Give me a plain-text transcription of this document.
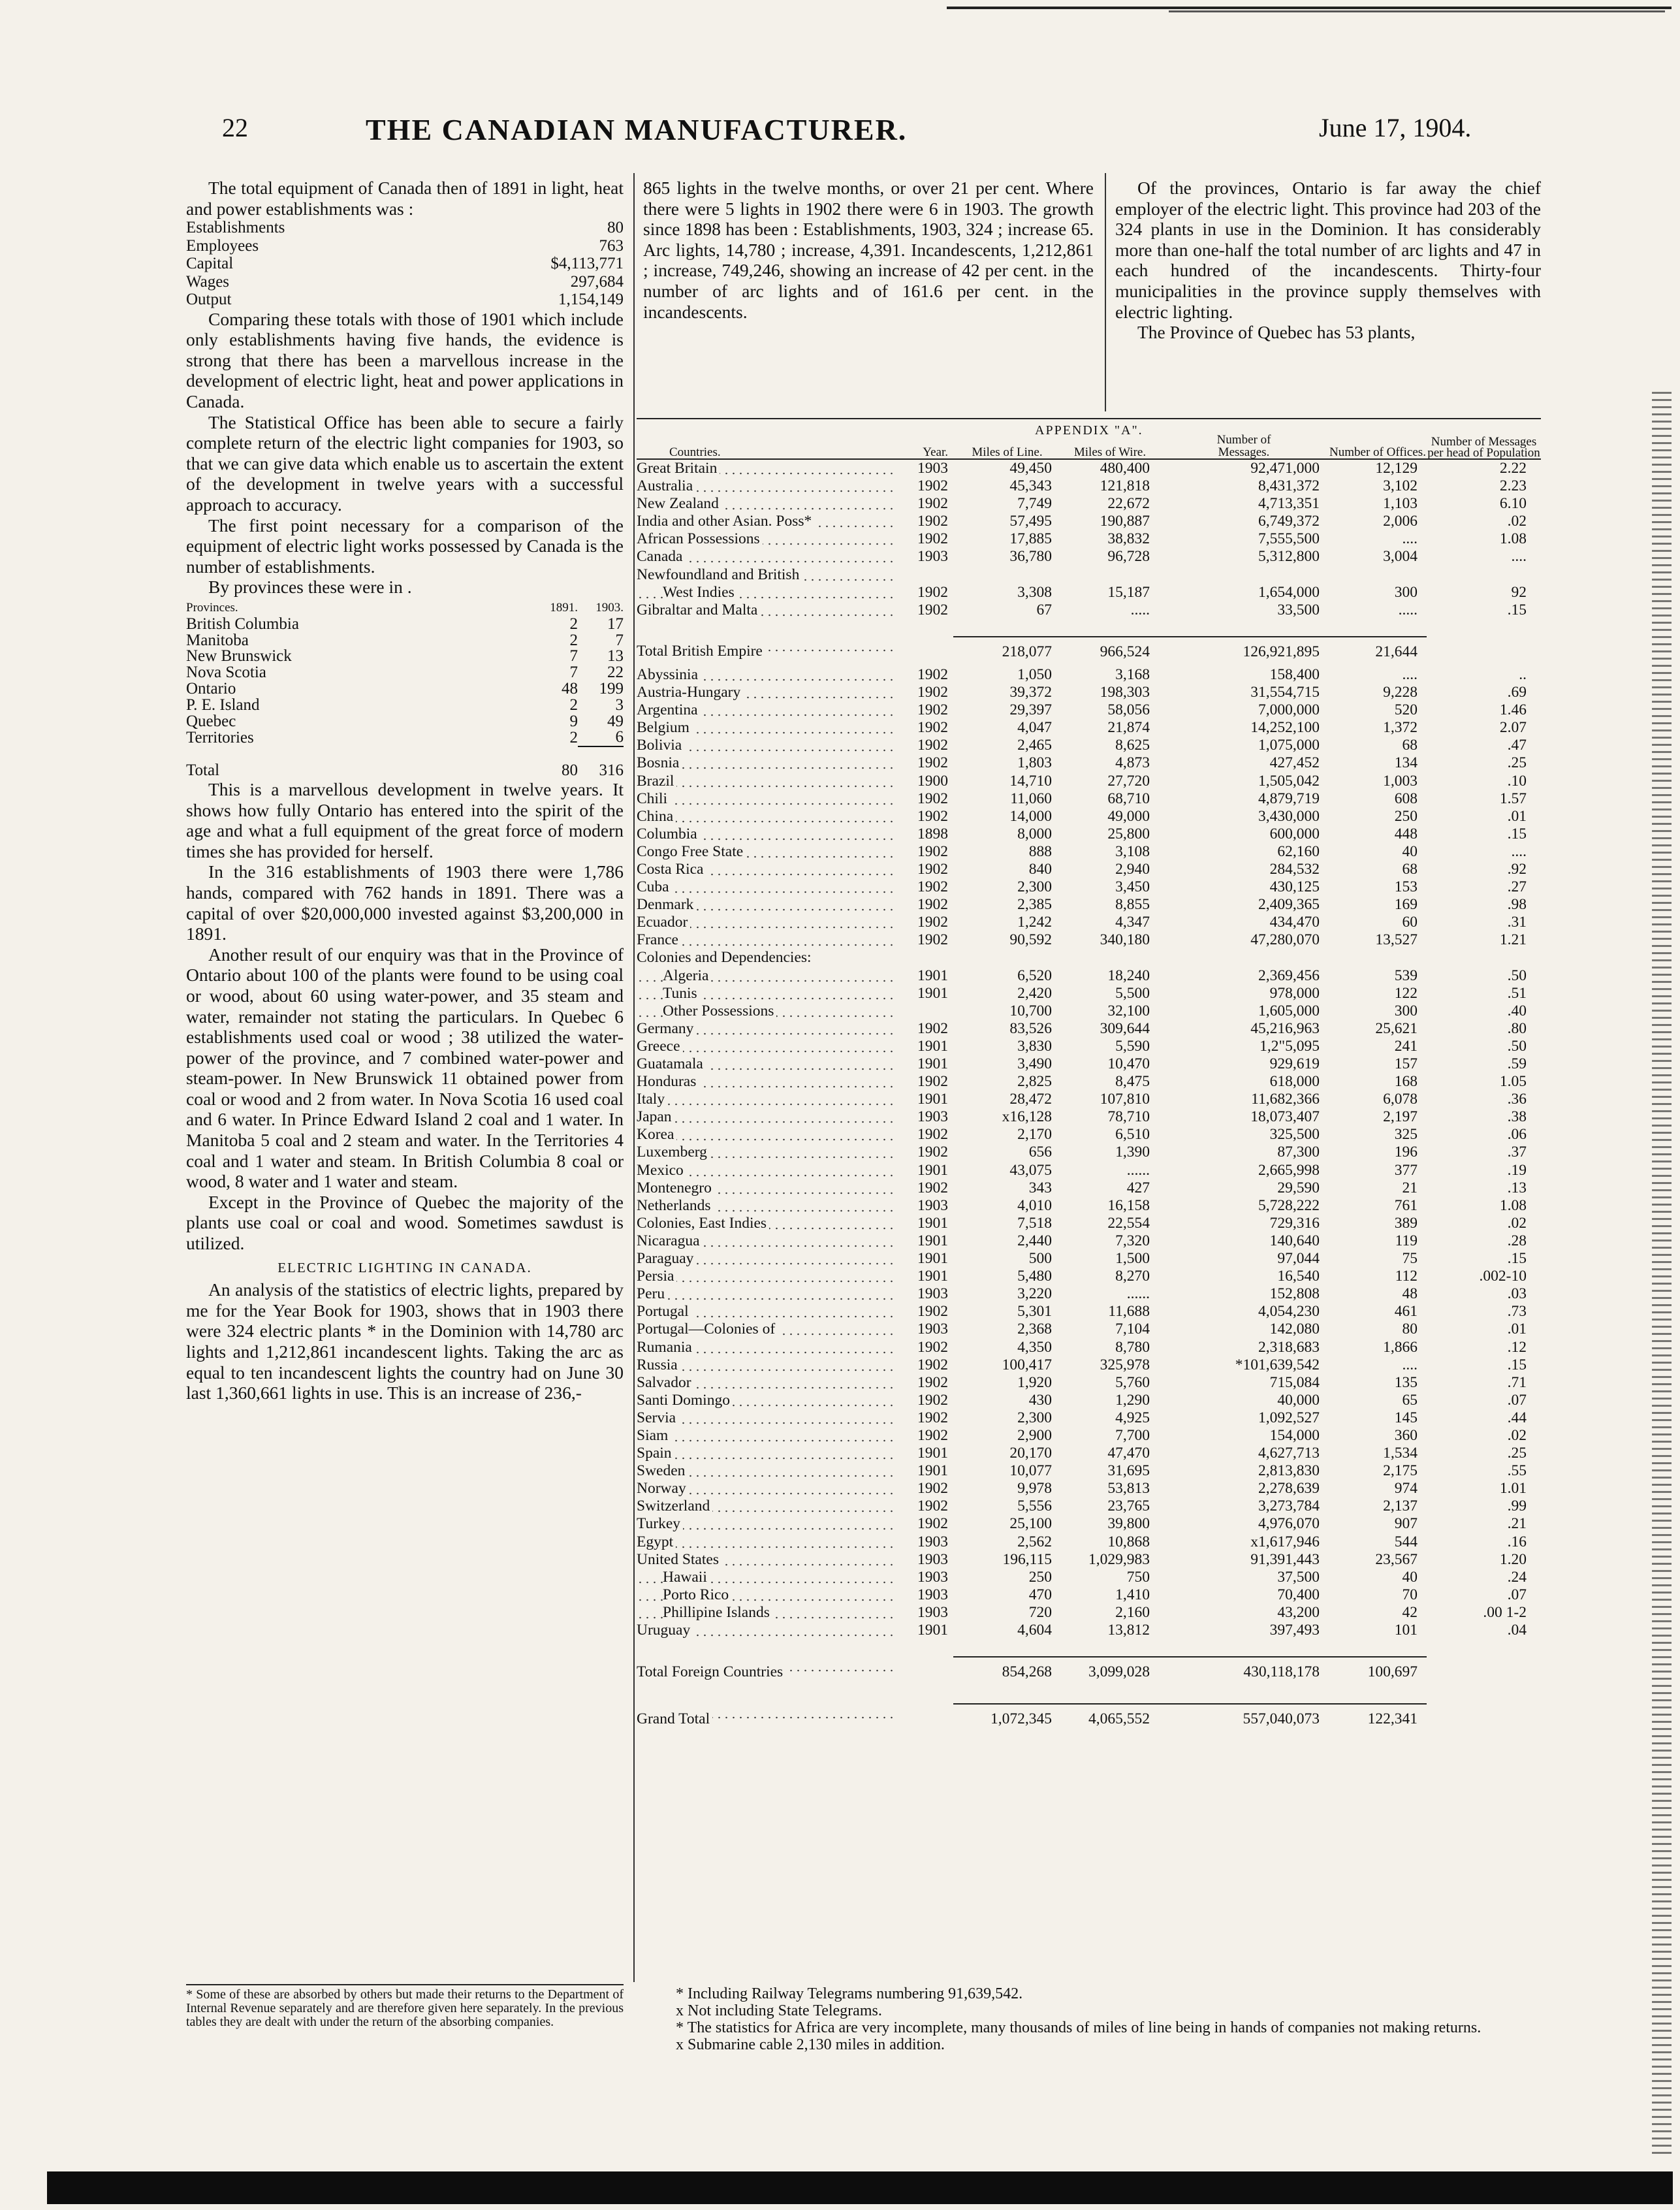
22	THE CANADIAN MANUFACTURER.	June 17, 1904.

The total equipment of Canada then of 1891 in light, heat and power establishments was :

Establishments	80
Employees	763
Capital	$4,113,771
Wages	297,684
Output	1,154,149

Comparing these totals with those of 1901 which include only establishments having five hands, the evidence is strong that there has been a marvellous increase in the development of electric light, heat and power applications in Canada.

The Statistical Office has been able to secure a fairly complete return of the electric light companies for 1903, so that we can give data which enable us to ascertain the extent of the development in twelve years with a successful approach to accuracy.

The first point necessary for a comparison of the equipment of electric light works possessed by Canada is the number of establishments.

By provinces these were in .

Provinces.	1891.	1903.
British Columbia	2	17
Manitoba	2	7
New Brunswick	7	13
Nova Scotia	7	22
Ontario	48	199
P. E. Island	2	3
Quebec	9	49
Territories	2	6
Total	80	316

This is a marvellous development in twelve years. It shows how fully Ontario has entered into the spirit of the age and what a full equipment of the great force of modern times she has provided for herself.

In the 316 establishments of 1903 there were 1,786 hands, compared with 762 hands in 1891. There was a capital of over $20,000,000 invested against $3,200,000 in 1891.

Another result of our enquiry was that in the Province of Ontario about 100 of the plants were found to be using coal or wood, about 60 using water-power, and 35 steam and water, remainder not stating the particulars. In Quebec 6 establishments used coal or wood ; 38 utilized the water-power of the province, and 7 combined water-power and steam-power. In New Brunswick 11 obtained power from coal or wood and 2 from water. In Nova Scotia 16 used coal and 6 water. In Prince Edward Island 2 coal and 1 water. In Manitoba 5 coal and 2 steam and water. In the Territories 4 coal and 1 water and steam. In British Columbia 8 coal or wood, 8 water and 1 water and steam.

Except in the Province of Quebec the majority of the plants use coal or coal and wood. Sometimes sawdust is utilized.

ELECTRIC LIGHTING IN CANADA.

An analysis of the statistics of electric lights, prepared by me for the Year Book for 1903, shows that in 1903 there were 324 electric plants * in the Dominion with 14,780 arc lights and 1,212,861 incandescent lights. Taking the arc as equal to ten incandescent lights the country had on June 30 last 1,360,661 lights in use. This is an increase of 236,-

* Some of these are absorbed by others but made their returns to the Department of Internal Revenue separately and are therefore given here separately. In the previous tables they are dealt with under the return of the absorbing companies.

865 lights in the twelve months, or over 21 per cent. Where there were 5 lights in 1902 there were 6 in 1903. The growth since 1898 has been : Establishments, 1903, 324 ; increase 65. Arc lights, 14,780 ; increase, 4,391. Incandescents, 1,212,861 ; increase, 749,246, showing an increase of 42 per cent. in the number of arc lights and of 161.6 per cent. in the incandescents.

Of the provinces, Ontario is far away the chief employer of the electric light. This province had 203 of the 324 plants in use in the Dominion. It has considerably more than one-half the total number of arc lights and 47 in each hundred of the incandescents. Thirty-four municipalities in the province supply themselves with electric lighting.

The Province of Quebec has 53 plants,

APPENDIX "A".
Countries.	Year.	Miles of Line.	Miles of Wire.	Number of Messages.	Number of Offices.	Number of Messages per head of Population

Great Britain	1903	49,450	480,400	92,471,000	12,129	2.22
Australia	1902	45,343	121,818	8,431,372	3,102	2.23
New Zealand	1902	7,749	22,672	4,713,351	1,103	6.10
India and other Asian. Poss*	1902	57,495	190,887	6,749,372	2,006	.02
African Possessions	1902	17,885	38,832	7,555,500	....	1.08
Canada	1903	36,780	96,728	5,312,800	3,004	....
Newfoundland and British						
West Indies	1902	3,308	15,187	1,654,000	300	92
Gibraltar and Malta	1902	67	.....	33,500	.....	.15

Total British Empire		218,077	966,524	126,921,895	21,644	
Abyssinia	1902	1,050	3,168	158,400	....	..
Austria-Hungary	1902	39,372	198,303	31,554,715	9,228	.69
Argentina	1902	29,397	58,056	7,000,000	520	1.46
Belgium	1902	4,047	21,874	14,252,100	1,372	2.07
Bolivia	1902	2,465	8,625	1,075,000	68	.47
Bosnia	1902	1,803	4,873	427,452	134	.25
Brazil	1900	14,710	27,720	1,505,042	1,003	.10
Chili	1902	11,060	68,710	4,879,719	608	1.57
China	1902	14,000	49,000	3,430,000	250	.01
Columbia	1898	8,000	25,800	600,000	448	.15
Congo Free State	1902	888	3,108	62,160	40	....
Costa Rica	1902	840	2,940	284,532	68	.92
Cuba	1902	2,300	3,450	430,125	153	.27
Denmark	1902	2,385	8,855	2,409,365	169	.98
Ecuador	1902	1,242	4,347	434,470	60	.31
France	1902	90,592	340,180	47,280,070	13,527	1.21
Colonies and Dependencies:						
Algeria	1901	6,520	18,240	2,369,456	539	.50
Tunis	1901	2,420	5,500	978,000	122	.51
Other Possessions		10,700	32,100	1,605,000	300	.40
Germany	1902	83,526	309,644	45,216,963	25,621	.80
Greece	1901	3,830	5,590	1,2"5,095	241	.50
Guatamala	1901	3,490	10,470	929,619	157	.59
Honduras	1902	2,825	8,475	618,000	168	1.05
Italy	1901	28,472	107,810	11,682,366	6,078	.36
Japan	1903	x16,128	78,710	18,073,407	2,197	.38
Korea	1902	2,170	6,510	325,500	325	.06
Luxemberg	1902	656	1,390	87,300	196	.37
Mexico	1901	43,075	......	2,665,998	377	.19
Montenegro	1902	343	427	29,590	21	.13
Netherlands	1903	4,010	16,158	5,728,222	761	1.08
Colonies, East Indies	1901	7,518	22,554	729,316	389	.02
Nicaragua	1901	2,440	7,320	140,640	119	.28
Paraguay	1901	500	1,500	97,044	75	.15
Persia	1901	5,480	8,270	16,540	112	.002-10
Peru	1903	3,220	......	152,808	48	.03
Portugal	1902	5,301	11,688	4,054,230	461	.73
Portugal—Colonies of	1903	2,368	7,104	142,080	80	.01
Rumania	1902	4,350	8,780	2,318,683	1,866	.12
Russia	1902	100,417	325,978	*101,639,542	....	.15
Salvador	1902	1,920	5,760	715,084	135	.71
Santi Domingo	1902	430	1,290	40,000	65	.07
Servia	1902	2,300	4,925	1,092,527	145	.44
Siam	1902	2,900	7,700	154,000	360	.02
Spain	1901	20,170	47,470	4,627,713	1,534	.25
Sweden	1901	10,077	31,695	2,813,830	2,175	.55
Norway	1902	9,978	53,813	2,278,639	974	1.01
Switzerland	1902	5,556	23,765	3,273,784	2,137	.99
Turkey	1902	25,100	39,800	4,976,070	907	.21
Egypt	1903	2,562	10,868	x1,617,946	544	.16
United States	1903	196,115	1,029,983	91,391,443	23,567	1.20
Hawaii	1903	250	750	37,500	40	.24
Porto Rico	1903	470	1,410	70,400	70	.07
Phillipine Islands	1903	720	2,160	43,200	42	.00 1-2
Uruguay	1901	4,604	13,812	397,493	101	.04

Total Foreign Countries		854,268	3,099,028	430,118,178	100,697	

Grand Total		1,072,345	4,065,552	557,040,073	122,341	
* Including Railway Telegrams numbering 91,639,542.
x Not including State Telegrams.
* The statistics for Africa are very incomplete, many thousands of miles of line being in hands of companies not making returns.
x Submarine cable 2,130 miles in addition.
